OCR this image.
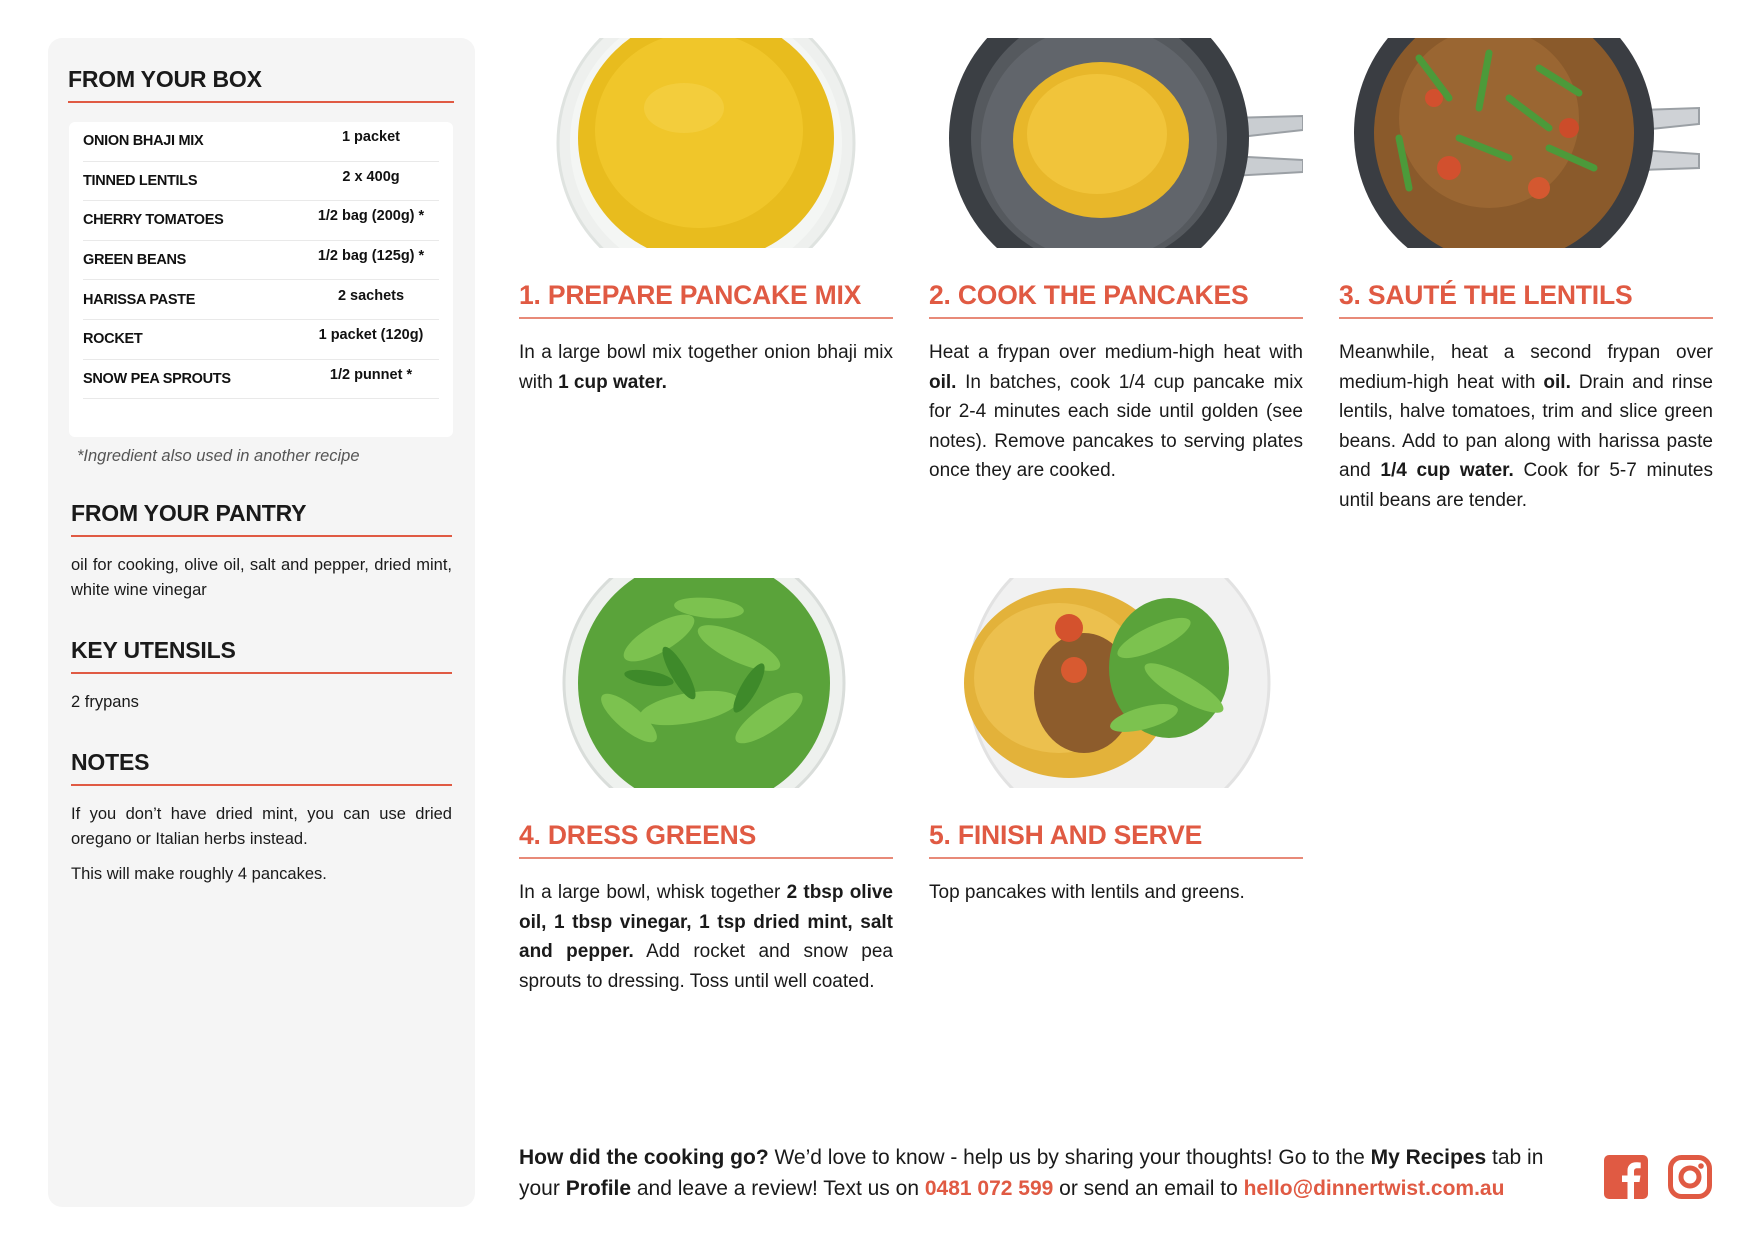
FROM YOUR BOX
ONION BHAJI MIX	1 packet
TINNED LENTILS	2 x 400g
CHERRY TOMATOES	1/2 bag (200g) *
GREEN BEANS	1/2 bag (125g) *
HARISSA PASTE	2 sachets
ROCKET	1 packet (120g)
SNOW PEA SPROUTS	1/2 punnet *
*Ingredient also used in another recipe
FROM YOUR PANTRY

oil for cooking, olive oil, salt and pepper, dried mint, white wine vinegar

KEY UTENSILS

2 frypans

NOTES

If you don’t have dried mint, you can use dried oregano or Italian herbs instead.

This will make roughly 4 pancakes.

1. PREPARE PANCAKE MIX

In a large bowl mix together onion bhaji mix with 1 cup water.

2. COOK THE PANCAKES

Heat a frypan over medium-high heat with oil. In batches, cook 1/4 cup pancake mix for 2-4 minutes each side until golden (see notes). Remove pancakes to serving plates once they are cooked.

3. SAUTÉ THE LENTILS

Meanwhile, heat a second frypan over medium-high heat with oil. Drain and rinse lentils, halve tomatoes, trim and slice green beans. Add to pan along with harissa paste and 1/4 cup water. Cook for 5-7 minutes until beans are tender.

4. DRESS GREENS

In a large bowl, whisk together 2 tbsp olive oil, 1 tbsp vinegar, 1 tsp dried mint, salt and pepper. Add rocket and snow pea sprouts to dressing. Toss until well coated.

5. FINISH AND SERVE

Top pancakes with lentils and greens.

How did the cooking go? We’d love to know - help us by sharing your thoughts! Go to the My Recipes tab in your Profile and leave a review! Text us on 0481 072 599 or send an email to hello@dinnertwist.com.au
